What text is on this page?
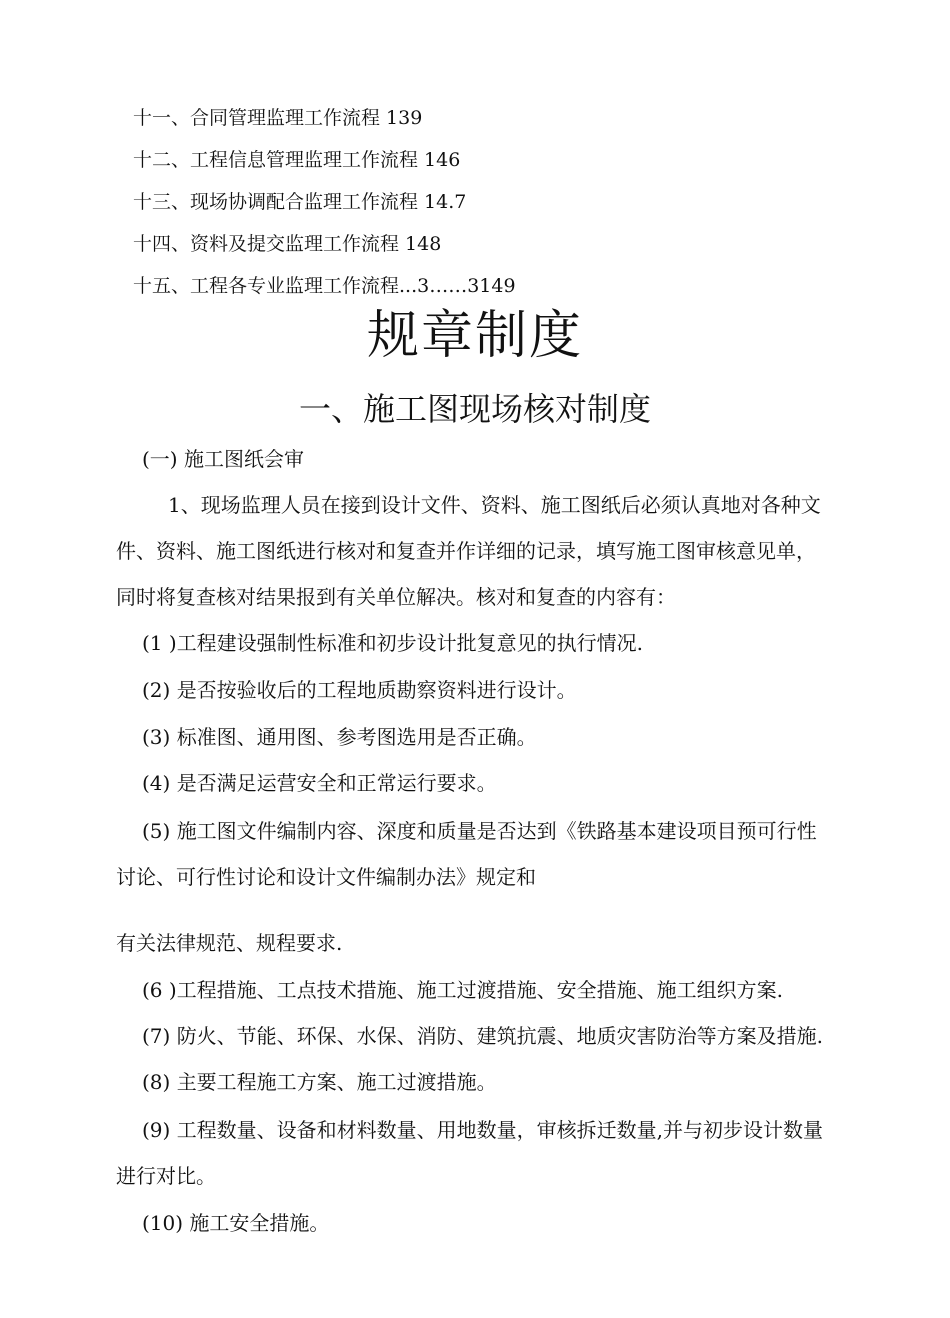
十一、合同管理监理工作流程 139
十二、工程信息管理监理工作流程 146
十三、现场协调配合监理工作流程 14.7
十四、资料及提交监理工作流程 148
十五、工程各专业监理工作流程...3……3149
规章制度
一、施工图现场核对制度
(一) 施工图纸会审
1、现场监理人员在接到设计文件、资料、施工图纸后必须认真地对各种文
件、资料、施工图纸进行核对和复查并作详细的记录，填写施工图审核意见单，
同时将复查核对结果报到有关单位解决。核对和复查的内容有：
(1 )工程建设强制性标准和初步设计批复意见的执行情况.
(2) 是否按验收后的工程地质勘察资料进行设计。
(3) 标准图、通用图、参考图选用是否正确。
(4) 是否满足运营安全和正常运行要求。
(5) 施工图文件编制内容、深度和质量是否达到《铁路基本建设项目预可行性
讨论、可行性讨论和设计文件编制办法》规定和
有关法律规范、规程要求.
(6 )工程措施、工点技术措施、施工过渡措施、安全措施、施工组织方案.
(7) 防火、节能、环保、水保、消防、建筑抗震、地质灾害防治等方案及措施.
(8) 主要工程施工方案、施工过渡措施。
(9) 工程数量、设备和材料数量、用地数量，审核拆迁数量,并与初步设计数量
进行对比。
(10) 施工安全措施。
